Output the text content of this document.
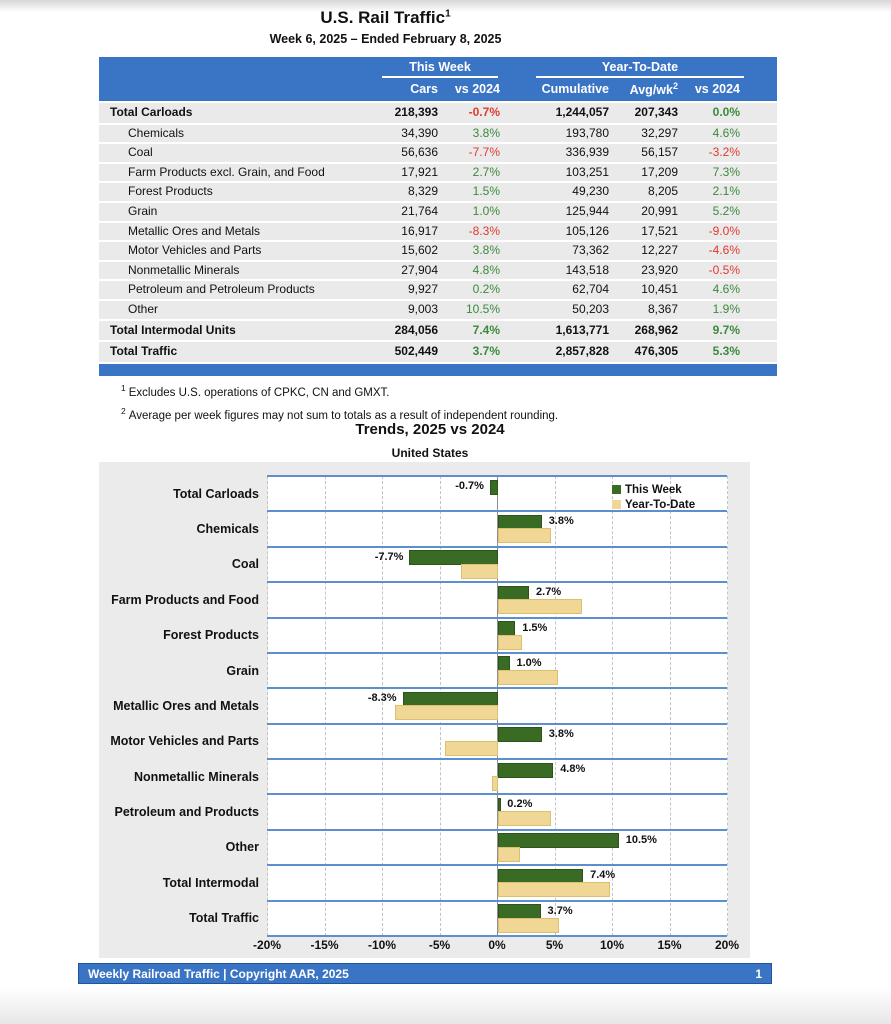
U.S. Rail Traffic$^1$
Week 6, 2025 – Ended February 8, 2025
This Week	Year-To-Date
Cars	vs 2024	Cumulative	Avg/$wk^2$	vs 2024
Total Carloads	218,393	-0.7%	1,244,057	207,343	0.0%
Chemicals	34,390	3.8%	193,780	32,297	4.6%
Coal	56,636	-7.7%	336,939	56,157	-3.2%
Farm Products excl. Grain, and Food	17,921	2.7%	103,251	17,209	7.3%
Forest Products	8,329	1.5%	49,230	8,205	2.1%
Grain	21,764	1.0%	125,944	20,991	5.2%
Metallic Ores and Metals	16,917	-8.3%	105,126	17,521	-9.0%
Motor Vehicles and Parts	15,602	3.8%	73,362	12,227	-4.6%
Nonmetallic Minerals	27,904	4.8%	143,518	23,920	-0.5%
Petroleum and Petroleum Products	9,927	0.2%	62,704	10,451	4.6%
Other	9,003	10.5%	50,203	8,367	1.9%
Total Intermodal Units	284,056	7.4%	1,613,771	268,962	9.7%
Total Traffic	502,449	3.7%	2,857,828	476,305	5.3%
$^1$ Excludes U.S. operations of CPKC, CN and GMXT.
$^2$ Average per week figures may not sum to totals as a result of independent rounding.
Trends, 2025 vs 2024
United States
Total Carloads
-0.7%
Chemicals
3.8%
Coal
-7.7%
Farm Products and Food
2.7%
Forest Products
1.5%
Grain
1.0%
Metallic Ores and Metals
-8.3%
Motor Vehicles and Parts
3.8%
Nonmetallic Minerals
4.8%
Petroleum and Products
0.2%
Other
10.5%
Total Intermodal
7.4%
Total Traffic
3.7%
This Week
Year-To-Date
-20%	-15%	-10%	-5%	0%	5%	10%	15%	20%
Weekly Railroad Traffic | Copyright AAR, 2025	1
